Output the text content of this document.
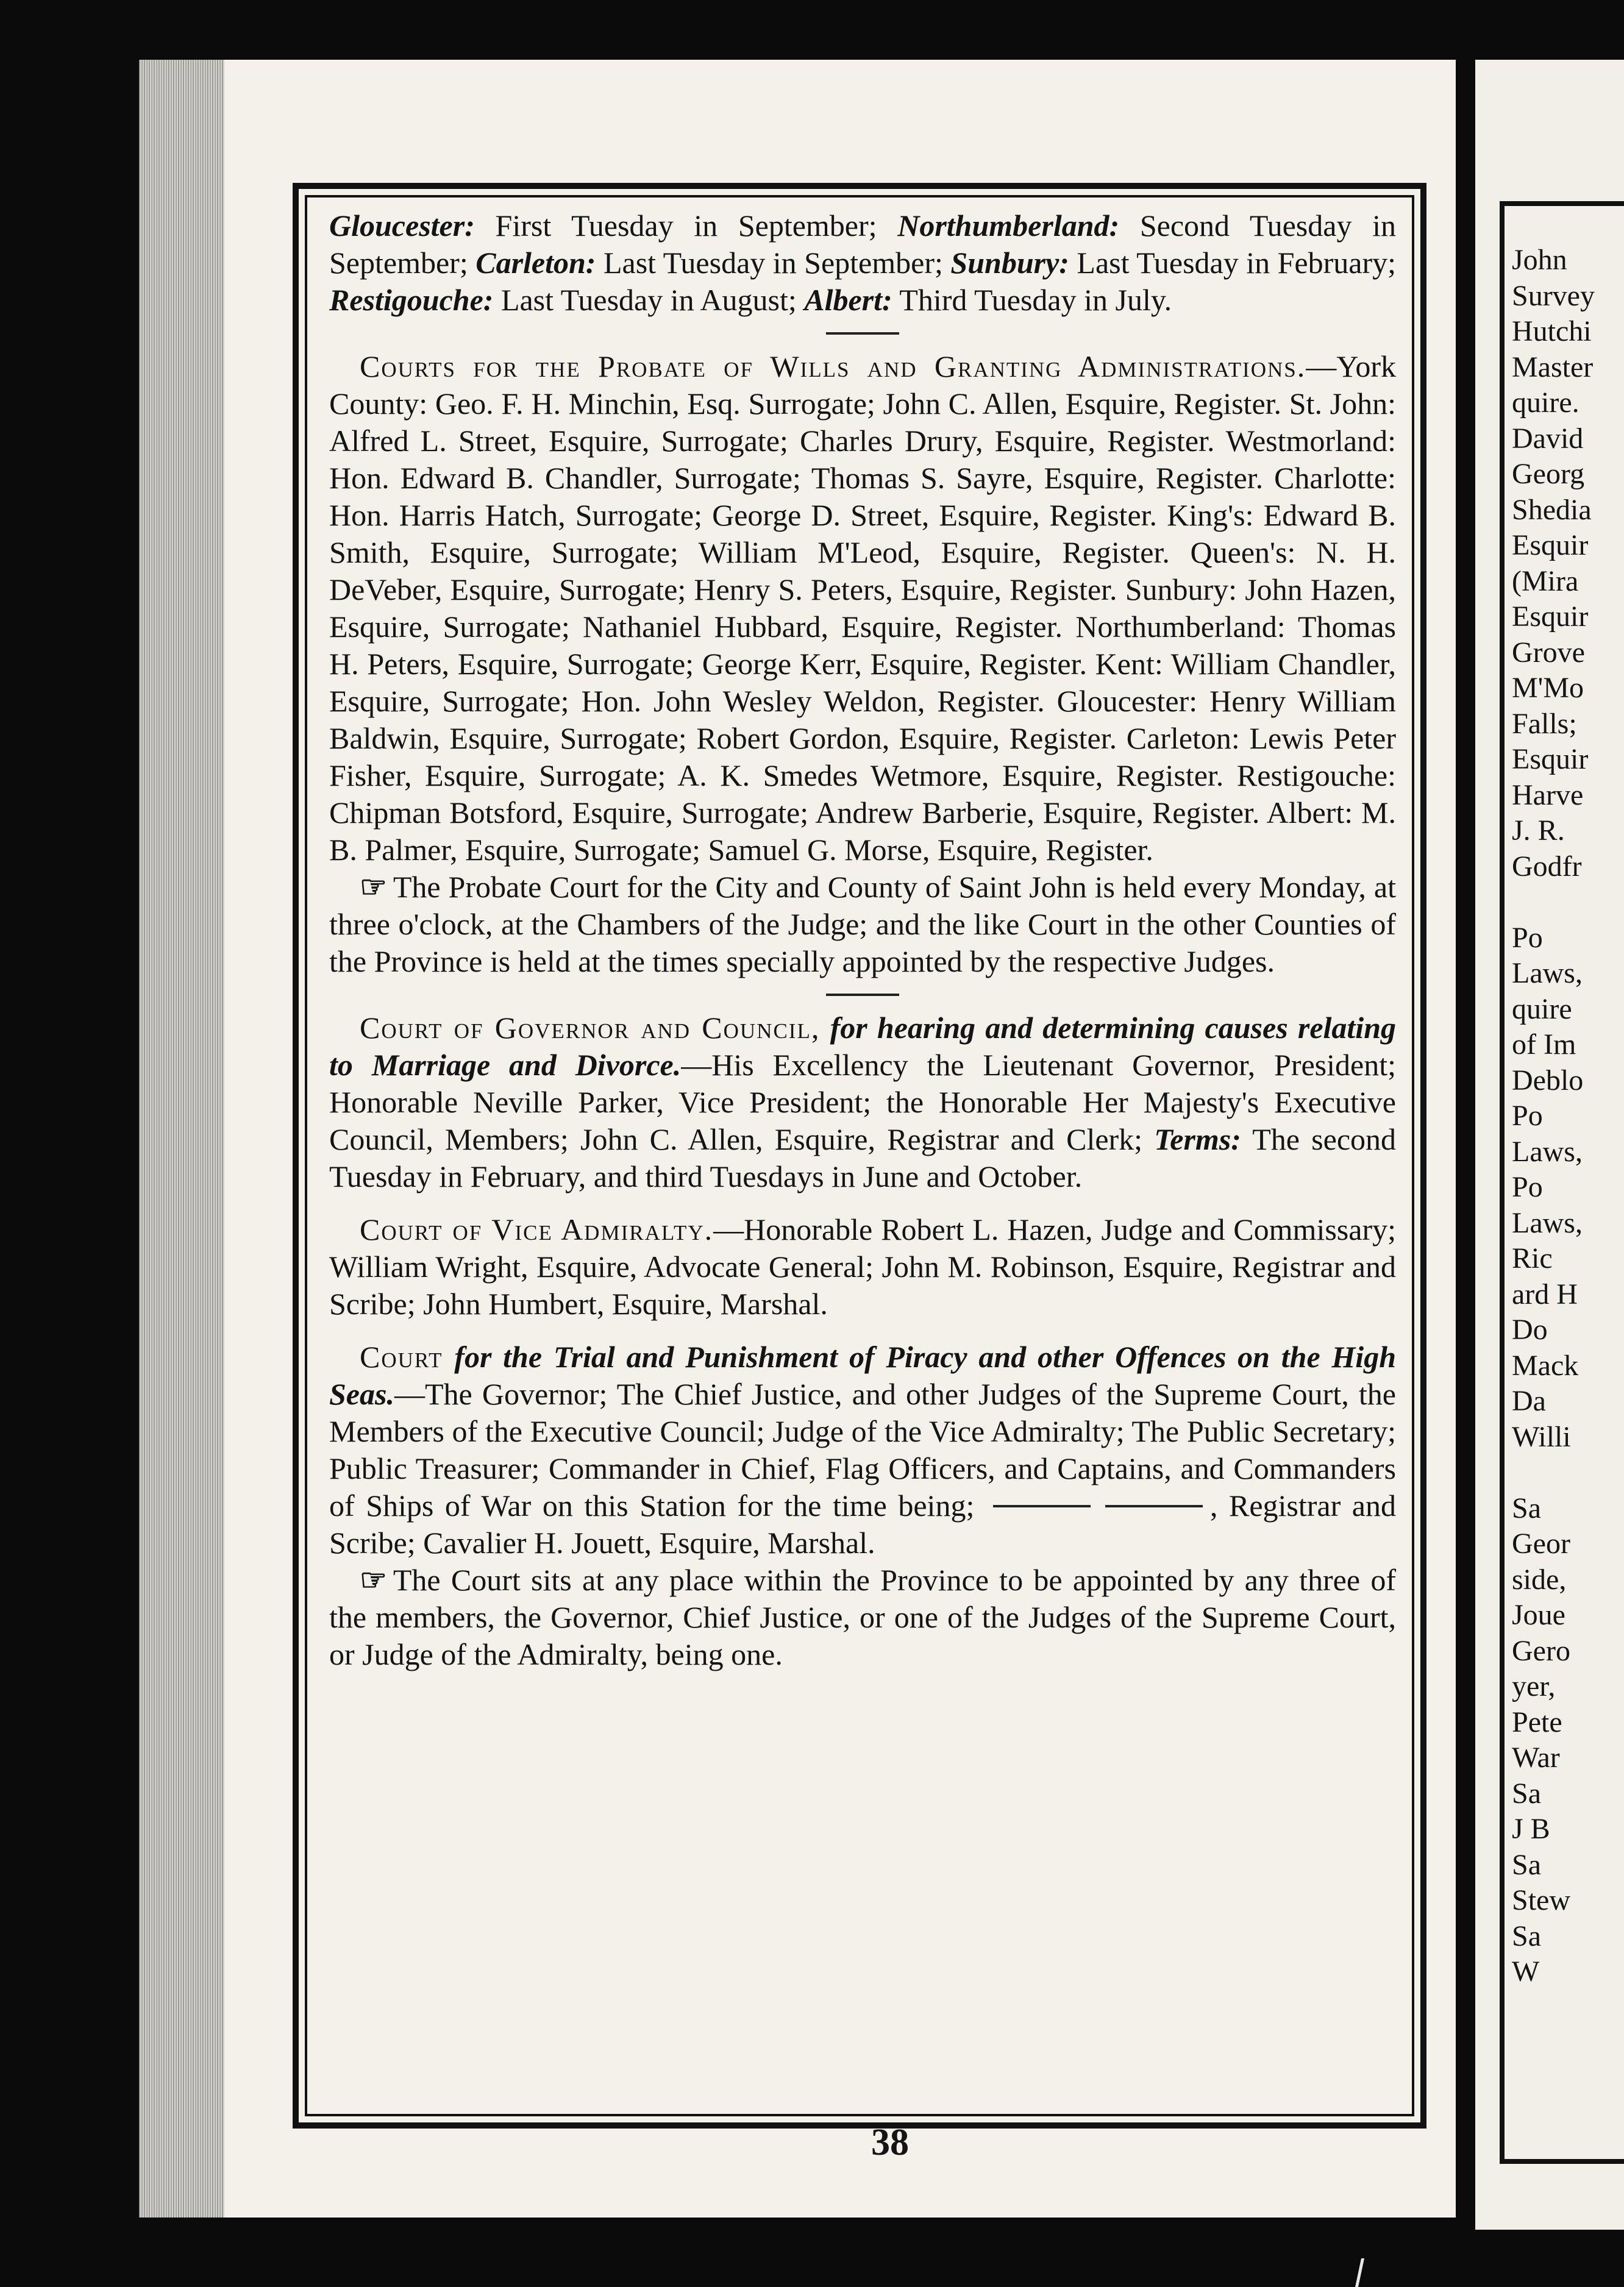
John
Survey
Hutchi
Master
quire.
David
Georg
Shedia
Esquir
(Mira
Esquir
Grove
M'Mo
Falls;
Esquir
Harve
J. R.
Godfr
Po
Laws,
quire
of Im
Deblo
Po
Laws,
Po
Laws,
Ric
ard H
Do
Mack
Da
Willi
Sa
Geor
side,
Joue
Gero
yer,
Pete
War
Sa
J B
Sa
Stew
Sa
W

Gloucester: First Tuesday in September; Northumberland: Second Tuesday in September; Carleton: Last Tuesday in September; Sunbury: Last Tuesday in February; Restigouche: Last Tuesday in August; Albert: Third Tuesday in July.

Courts for the Probate of Wills and Granting Administrations.—York County: Geo. F. H. Minchin, Esq. Surrogate; John C. Allen, Esquire, Register. St. John: Alfred L. Street, Esquire, Surrogate; Charles Drury, Esquire, Register. Westmorland: Hon. Edward B. Chandler, Surrogate; Thomas S. Sayre, Esquire, Register. Charlotte: Hon. Harris Hatch, Surrogate; George D. Street, Esquire, Register. King's: Edward B. Smith, Esquire, Surrogate; William M'Leod, Esquire, Register. Queen's: N. H. DeVeber, Esquire, Surrogate; Henry S. Peters, Esquire, Register. Sunbury: John Hazen, Esquire, Surrogate; Nathaniel Hubbard, Esquire, Register. Northumberland: Thomas H. Peters, Esquire, Surrogate; George Kerr, Esquire, Register. Kent: William Chandler, Esquire, Surrogate; Hon. John Wesley Weldon, Register. Gloucester: Henry William Baldwin, Esquire, Surrogate; Robert Gordon, Esquire, Register. Carleton: Lewis Peter Fisher, Esquire, Surrogate; A. K. Smedes Wetmore, Esquire, Register. Restigouche: Chipman Botsford, Esquire, Surrogate; Andrew Barberie, Esquire, Register. Albert: M. B. Palmer, Esquire, Surrogate; Samuel G. Morse, Esquire, Register.

☞ The Probate Court for the City and County of Saint John is held every Monday, at three o'clock, at the Chambers of the Judge; and the like Court in the other Counties of the Province is held at the times specially appointed by the respective Judges.

Court of Governor and Council, for hearing and determining causes relating to Marriage and Divorce.—His Excellency the Lieutenant Governor, President; Honorable Neville Parker, Vice President; the Honorable Her Majesty's Executive Council, Members; John C. Allen, Esquire, Registrar and Clerk; Terms: The second Tuesday in February, and third Tuesdays in June and October.

Court of Vice Admiralty.—Honorable Robert L. Hazen, Judge and Commissary; William Wright, Esquire, Advocate General; John M. Robinson, Esquire, Registrar and Scribe; John Humbert, Esquire, Marshal.

Court for the Trial and Punishment of Piracy and other Offences on the High Seas.—The Governor; The Chief Justice, and other Judges of the Supreme Court, the Members of the Executive Council; Judge of the Vice Admiralty; The Public Secretary; Public Treasurer; Commander in Chief, Flag Officers, and Captains, and Commanders of Ships of War on this Station for the time being;	, Registrar and Scribe; Cavalier H. Jouett, Esquire, Marshal.

☞ The Court sits at any place within the Province to be appointed by any three of the members, the Governor, Chief Justice, or one of the Judges of the Supreme Court, or Judge of the Admiralty, being one.

38
